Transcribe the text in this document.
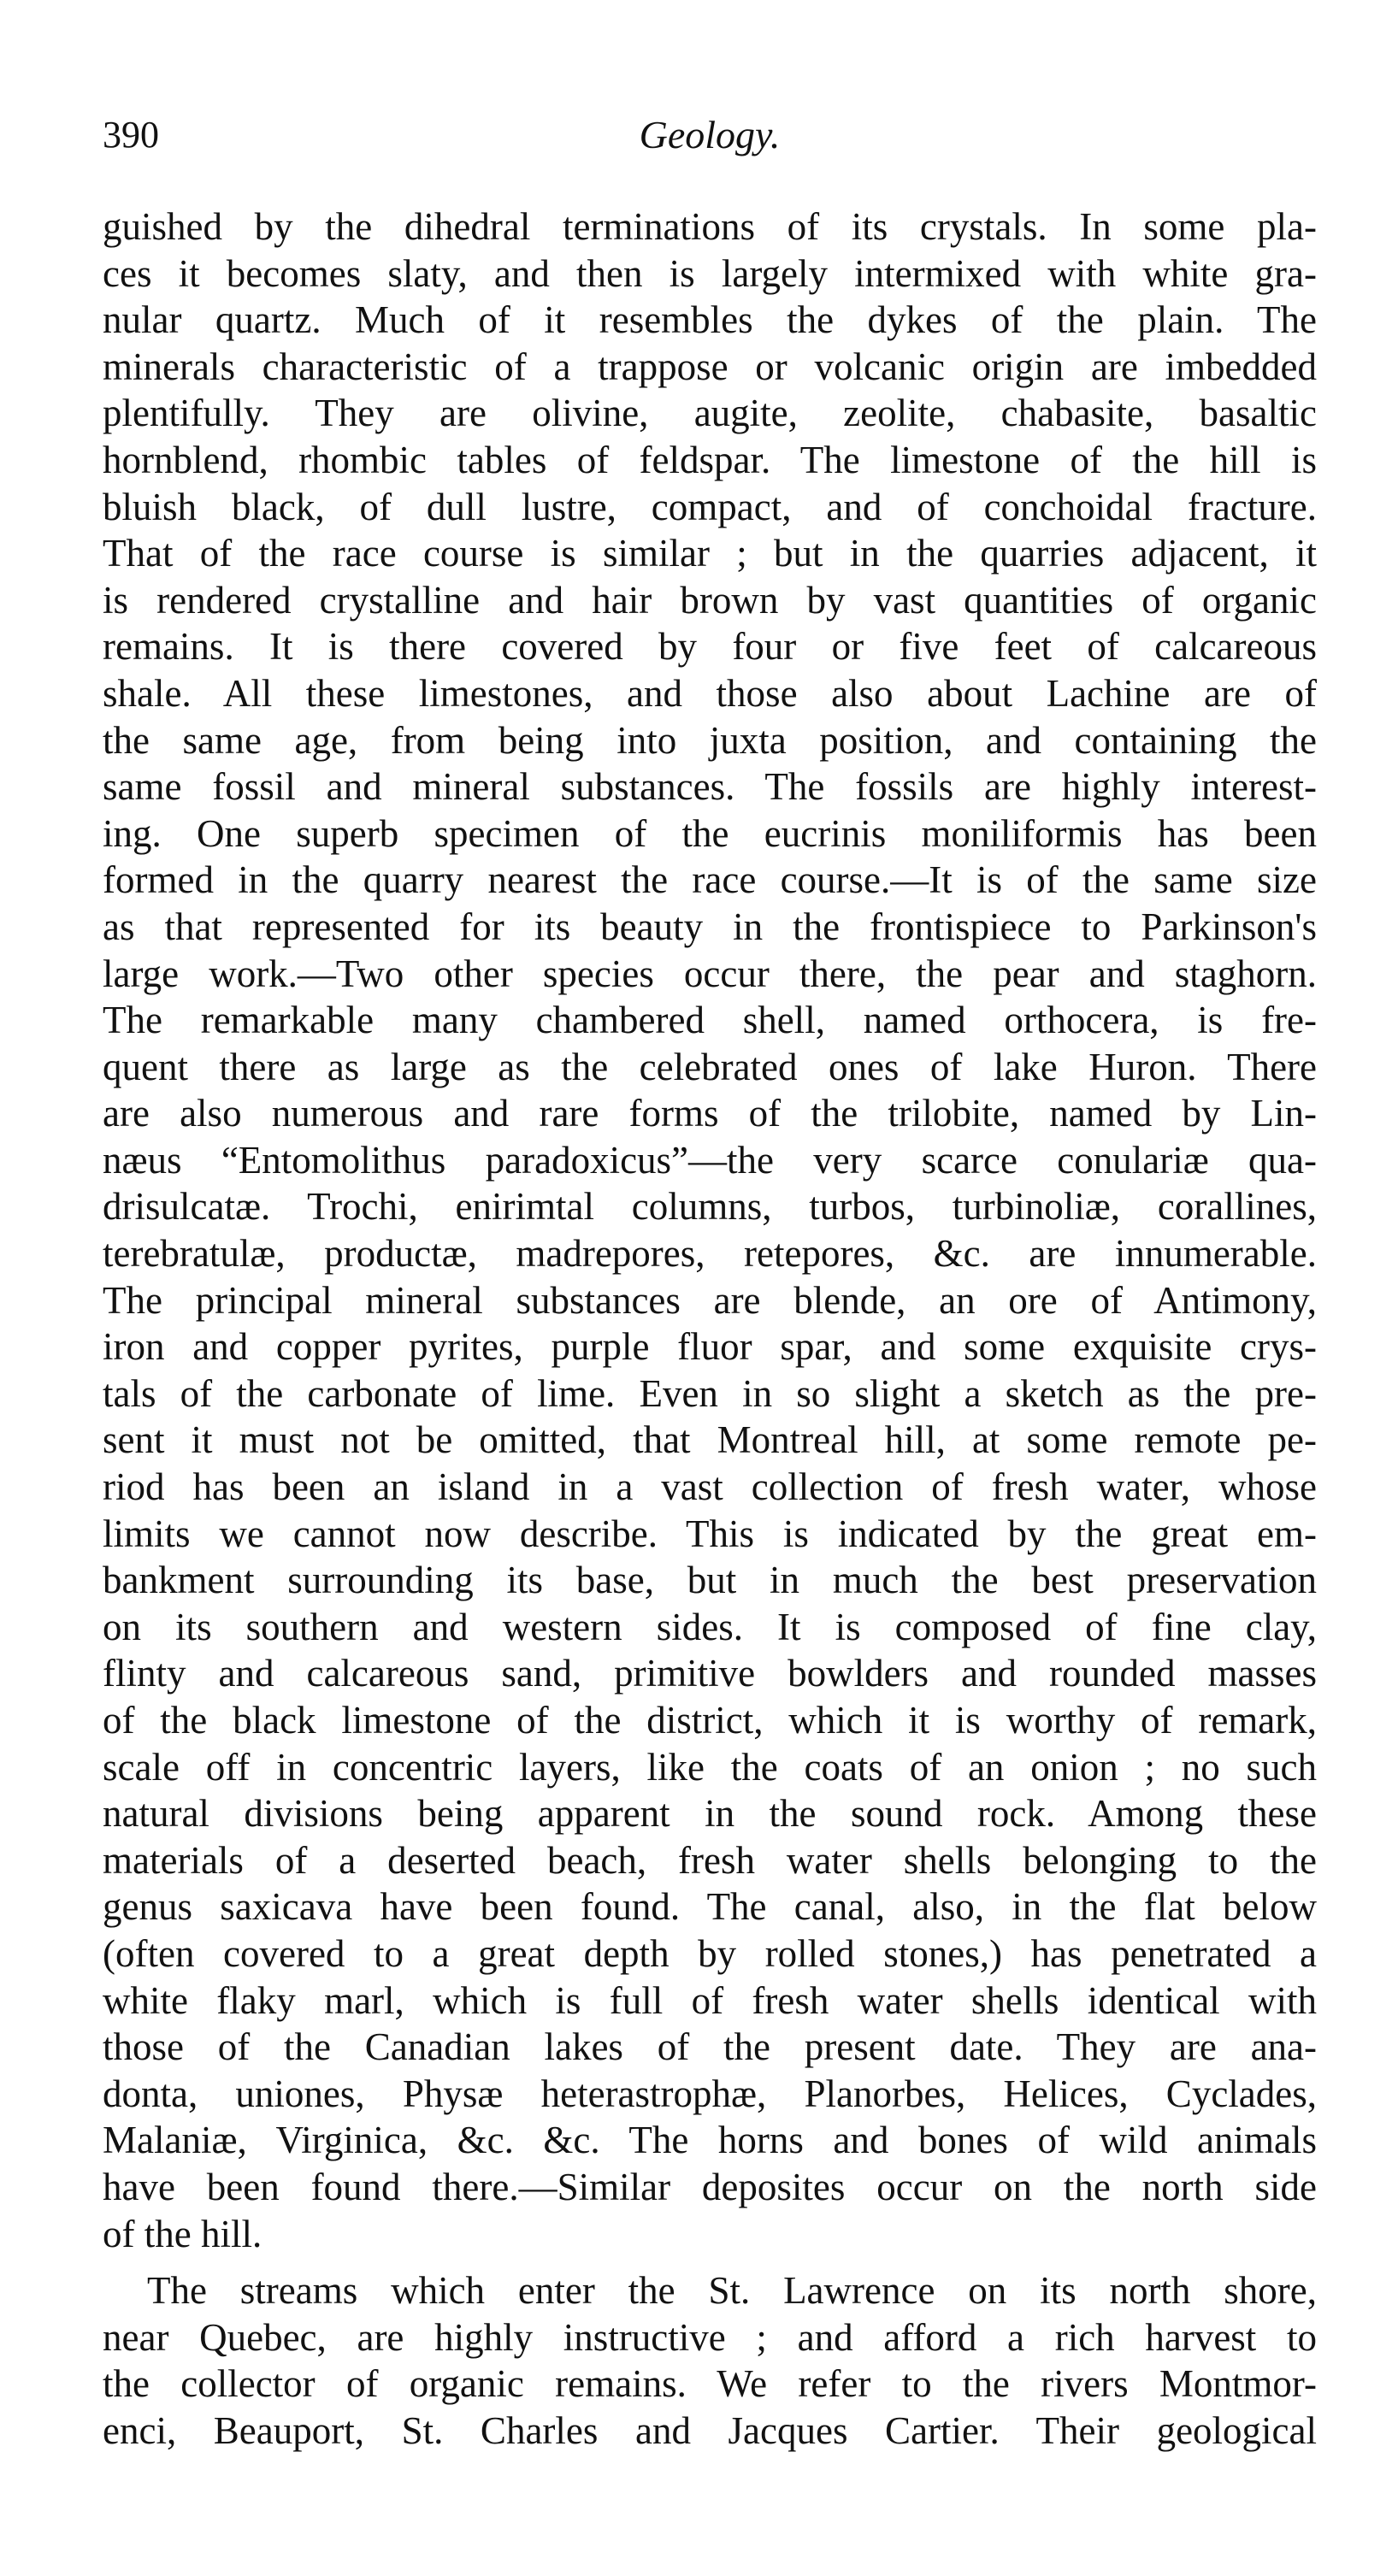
390	Geology.
guished by the dihedral terminations of its crystals. In some pla-
ces it becomes slaty, and then is largely intermixed with white gra-
nular quartz. Much of it resembles the dykes of the plain. The
minerals characteristic of a trappose or volcanic origin are imbedded
plentifully. They are olivine, augite, zeolite, chabasite, basaltic
hornblend, rhombic tables of feldspar. The limestone of the hill is
bluish black, of dull lustre, compact, and of conchoidal fracture.
That of the race course is similar ; but in the quarries adjacent, it
is rendered crystalline and hair brown by vast quantities of organic
remains. It is there covered by four or five feet of calcareous
shale. All these limestones, and those also about Lachine are of
the same age, from being into juxta position, and containing the
same fossil and mineral substances. The fossils are highly interest-
ing. One superb specimen of the eucrinis moniliformis has been
formed in the quarry nearest the race course.—It is of the same size
as that represented for its beauty in the frontispiece to Parkinson's
large work.—Two other species occur there, the pear and staghorn.
The remarkable many chambered shell, named orthocera, is fre-
quent there as large as the celebrated ones of lake Huron. There
are also numerous and rare forms of the trilobite, named by Lin-
næus “Entomolithus paradoxicus”—the very scarce conulariæ qua-
drisulcatæ. Trochi, enirimtal columns, turbos, turbinoliæ, corallines,
terebratulæ, productæ, madrepores, retepores, &c. are innumerable.
The principal mineral substances are blende, an ore of Antimony,
iron and copper pyrites, purple fluor spar, and some exquisite crys-
tals of the carbonate of lime. Even in so slight a sketch as the pre-
sent it must not be omitted, that Montreal hill, at some remote pe-
riod has been an island in a vast collection of fresh water, whose
limits we cannot now describe. This is indicated by the great em-
bankment surrounding its base, but in much the best preservation
on its southern and western sides. It is composed of fine clay,
flinty and calcareous sand, primitive bowlders and rounded masses
of the black limestone of the district, which it is worthy of remark,
scale off in concentric layers, like the coats of an onion ; no such
natural divisions being apparent in the sound rock. Among these
materials of a deserted beach, fresh water shells belonging to the
genus saxicava have been found. The canal, also, in the flat below
(often covered to a great depth by rolled stones,) has penetrated a
white flaky marl, which is full of fresh water shells identical with
those of the Canadian lakes of the present date. They are ana-
donta, uniones, Physæ heterastrophæ, Planorbes, Helices, Cyclades,
Malaniæ, Virginica, &c. &c. The horns and bones of wild animals
have been found there.—Similar deposites occur on the north side
of the hill.
The streams which enter the St. Lawrence on its north shore,
near Quebec, are highly instructive ; and afford a rich harvest to
the collector of organic remains. We refer to the rivers Montmor-
enci, Beauport, St. Charles and Jacques Cartier. Their geological
